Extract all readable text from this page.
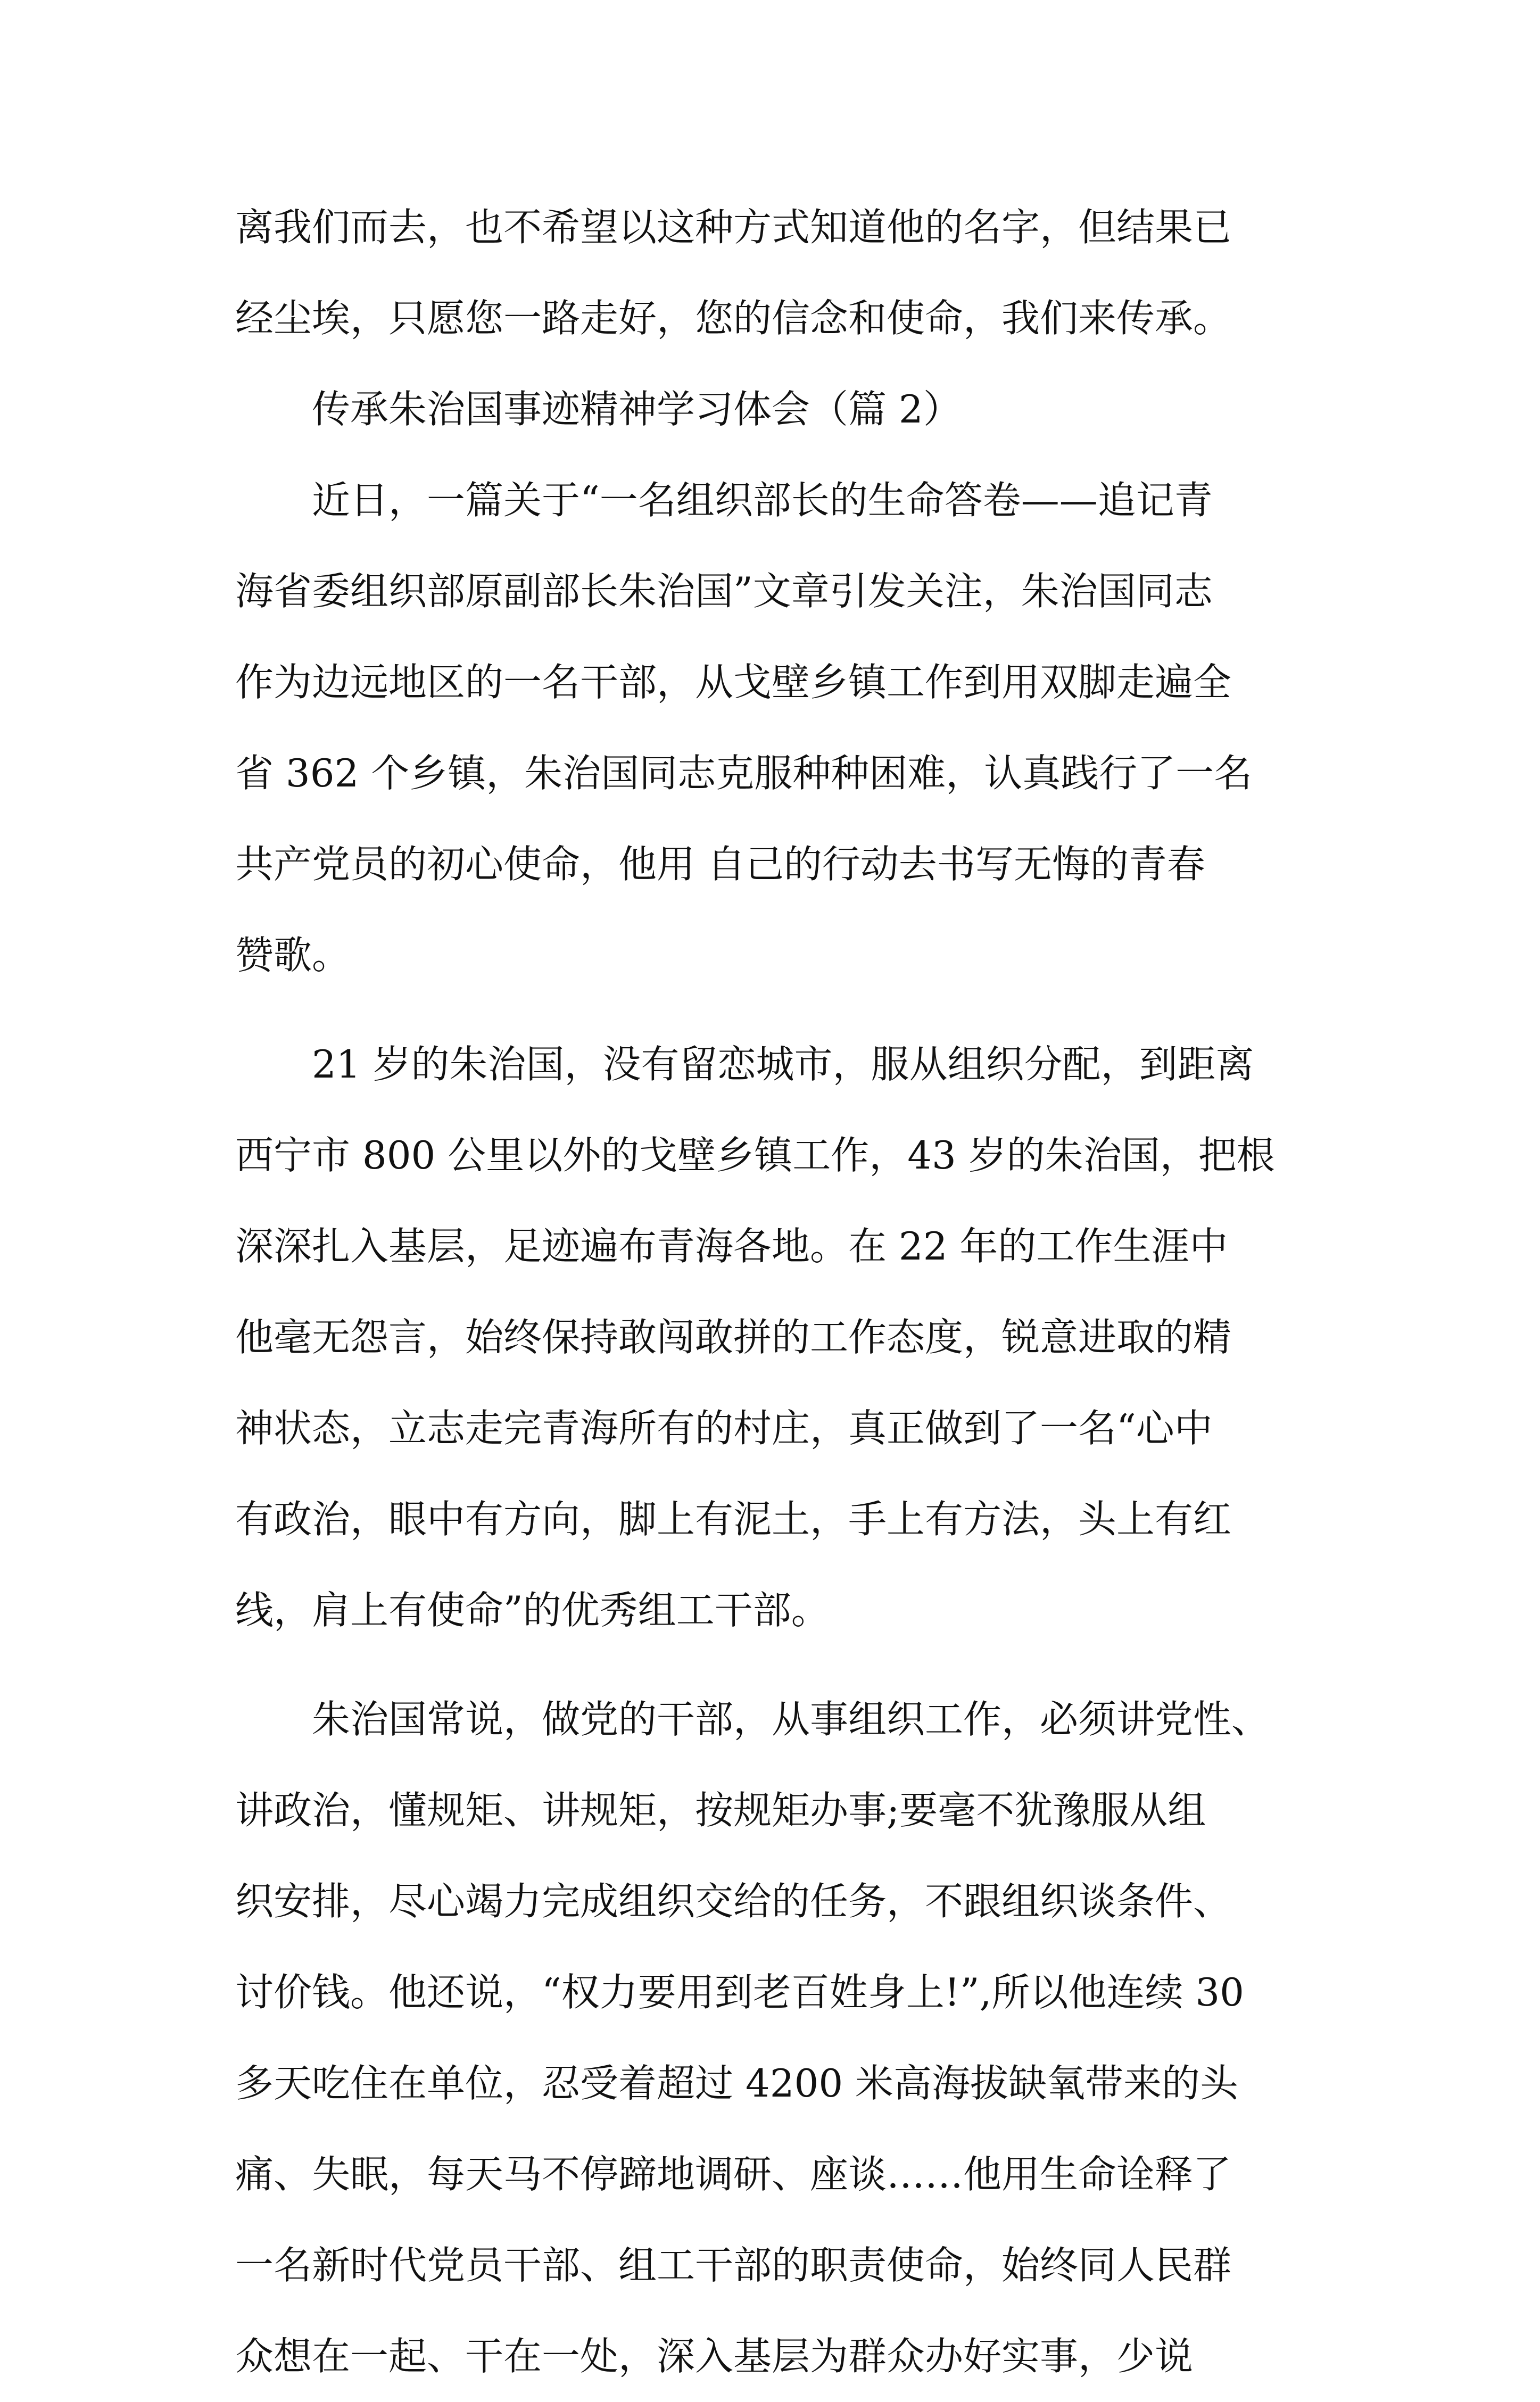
离我们而去，也不希望以这种方式知道他的名字，但结果已
经尘埃，只愿您一路走好，您的信念和使命，我们来传承。
传承朱治国事迹精神学习体会（篇 2）
近日，一篇关于“一名组织部长的生命答卷——追记青
海省委组织部原副部长朱治国”文章引发关注，朱治国同志
作为边远地区的一名干部，从戈壁乡镇工作到用双脚走遍全
省 362 个乡镇，朱治国同志克服种种困难，认真践行了一名
共产党员的初心使命，他用 自己的行动去书写无悔的青春
赞歌。
21 岁的朱治国，没有留恋城市，服从组织分配，到距离
西宁市 800 公里以外的戈壁乡镇工作，43 岁的朱治国，把根
深深扎入基层，足迹遍布青海各地。在 22 年的工作生涯中
他毫无怨言，始终保持敢闯敢拼的工作态度，锐意进取的精
神状态，立志走完青海所有的村庄，真正做到了一名“心中
有政治，眼中有方向，脚上有泥土，手上有方法，头上有红
线，肩上有使命”的优秀组工干部。
朱治国常说，做党的干部，从事组织工作，必须讲党性、
讲政治，懂规矩、讲规矩，按规矩办事;要毫不犹豫服从组
织安排，尽心竭力完成组织交给的任务，不跟组织谈条件、
讨价钱。他还说，“权力要用到老百姓身上!”,所以他连续 30
多天吃住在单位，忍受着超过 4200 米高海拔缺氧带来的头
痛、失眠，每天马不停蹄地调研、座谈……他用生命诠释了
一名新时代党员干部、组工干部的职责使命，始终同人民群
众想在一起、干在一处，深入基层为群众办好实事，少说
